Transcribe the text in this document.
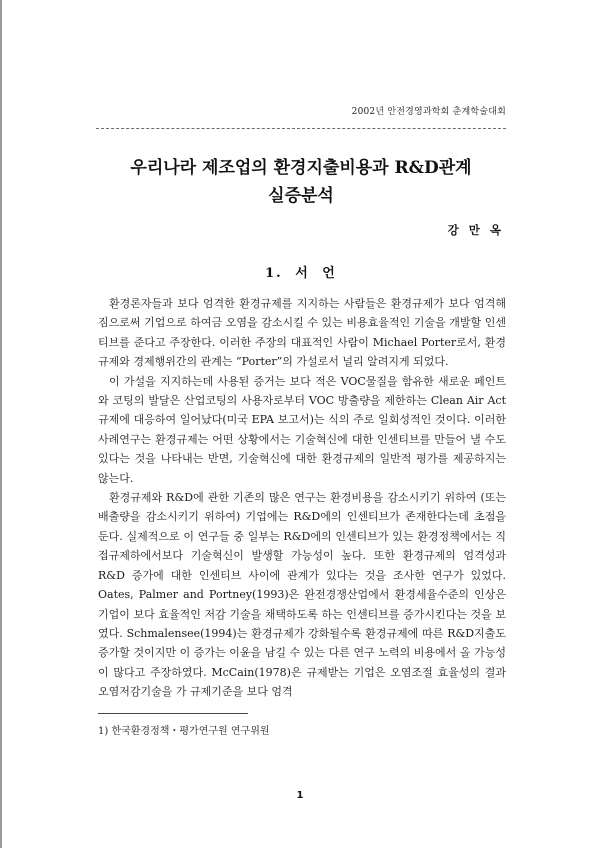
2002년 안전경영과학회 춘계학술대회
우리나라 제조업의 환경지출비용과 R&D관계
실증분석
강 만 옥
1. 서 언

환경론자들과 보다 엄격한 환경규제를 지지하는 사람들은 환경규제가 보다 엄격해 짐으로써 기업으로 하여금 오염을 감소시킬 수 있는 비용효율적인 기술을 개발할 인센티브를 준다고 주장한다. 이러한 주장의 대표적인 사람이 Michael Porter로서, 환경규제와 경제행위간의 관계는 “Porter”의 가설로서 널리 알려지게 되었다.

이 가설을 지지하는데 사용된 증거는 보다 적은 VOC물질을 함유한 새로운 페인트와 코팅의 발달은 산업코팅의 사용자로부터 VOC 방출량을 제한하는 Clean Air Act 규제에 대응하여 일어났다(미국 EPA 보고서)는 식의 주로 일회성적인 것이다. 이러한 사례연구는 환경규제는 어떤 상황에서는 기술혁신에 대한 인센티브를 만들어 낼 수도 있다는 것을 나타내는 반면, 기술혁신에 대한 환경규제의 일반적 평가를 제공하지는 않는다.

환경규제와 R&D에 관한 기존의 많은 연구는 환경비용을 감소시키기 위하여 (또는 배출량을 감소시키기 위하여) 기업에는 R&D에의 인센티브가 존재한다는데 초점을 둔다. 실제적으로 이 연구들 중 일부는 R&D에의 인센티브가 있는 환경정책에서는 직접규제하에서보다 기술혁신이 발생할 가능성이 높다. 또한 환경규제의 엄격성과 R&D 증가에 대한 인센티브 사이에 관계가 있다는 것을 조사한 연구가 있었다. Oates, Palmer and Portney(1993)은 완전경쟁산업에서 환경세율수준의 인상은 기업이 보다 효율적인 저감 기술을 채택하도록 하는 인센티브를 증가시킨다는 것을 보였다. Schmalensee(1994)는 환경규제가 강화될수록 환경규제에 따른 R&D지출도 증가할 것이지만 이 증가는 이윤을 남길 수 있는 다른 연구 노력의 비용에서 올 가능성이 많다고 주장하였다. McCain(1978)은 규제받는 기업은 오염조절 효율성의 결과오염저감기술을 가 규제기준을 보다 엄격

1) 한국환경정책・평가연구원 연구위원
1
